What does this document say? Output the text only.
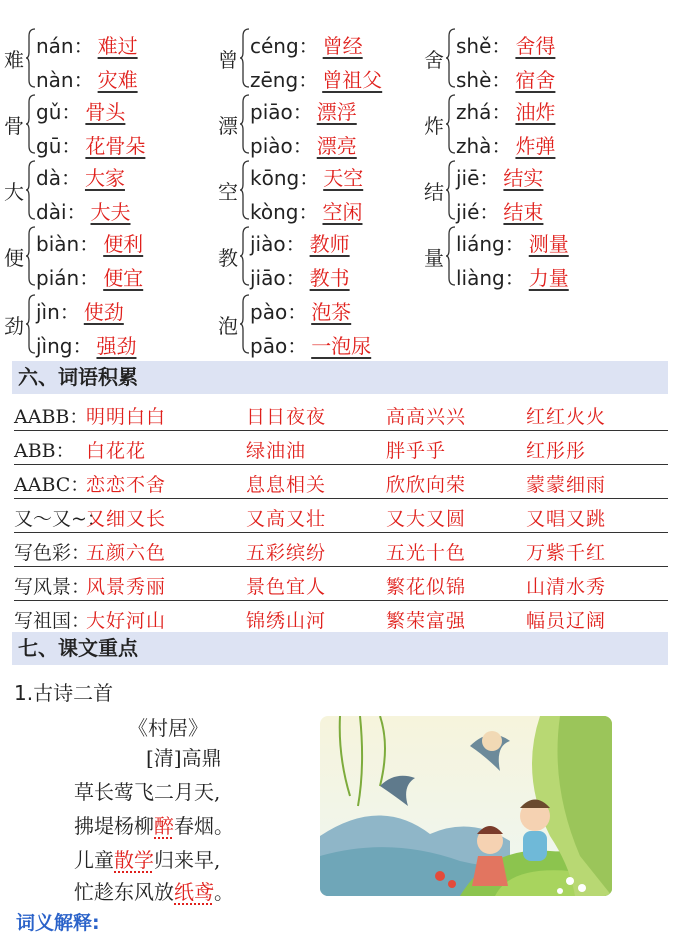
难
nán： 难过
nàn： 灾难
曾
céng： 曾经
zēng： 曾祖父
舍
shě： 舍得
shè： 宿舍
骨
gǔ： 骨头
gū： 花骨朵
漂
piāo： 漂浮
piào： 漂亮
炸
zhá： 油炸
zhà： 炸弹
大
dà： 大家
dài： 大夫
空
kōng： 天空
kòng： 空闲
结
jiē： 结实
jié： 结束
便
biàn： 便利
pián： 便宜
教
jiào： 教师
jiāo： 教书
量
liáng： 测量
liàng： 力量
劲
jìn： 使劲
jìng： 强劲
泡
pào： 泡茶
pāo： 一泡尿
六、词语积累
AABB：
明明白白	日日夜夜	高高兴兴	红红火火
ABB： 白花花	绿油油	胖乎乎	红彤彤
AABC：
恋恋不舍	息息相关	欣欣向荣	蒙蒙细雨
又～又~：
又细又长	又高又壮	又大又圆	又唱又跳
写色彩：
五颜六色	五彩缤纷	五光十色	万紫千红
写风景：
风景秀丽	景色宜人	繁花似锦	山清水秀
写祖国：
大好河山	锦绣山河	繁荣富强	幅员辽阔
七、课文重点
1.古诗二首
《村居》
[清]高鼎
草长莺飞二月天,
拂堤杨柳醉春烟。
儿童散学归来早,
忙趁东风放纸鸢。
词义解释:
